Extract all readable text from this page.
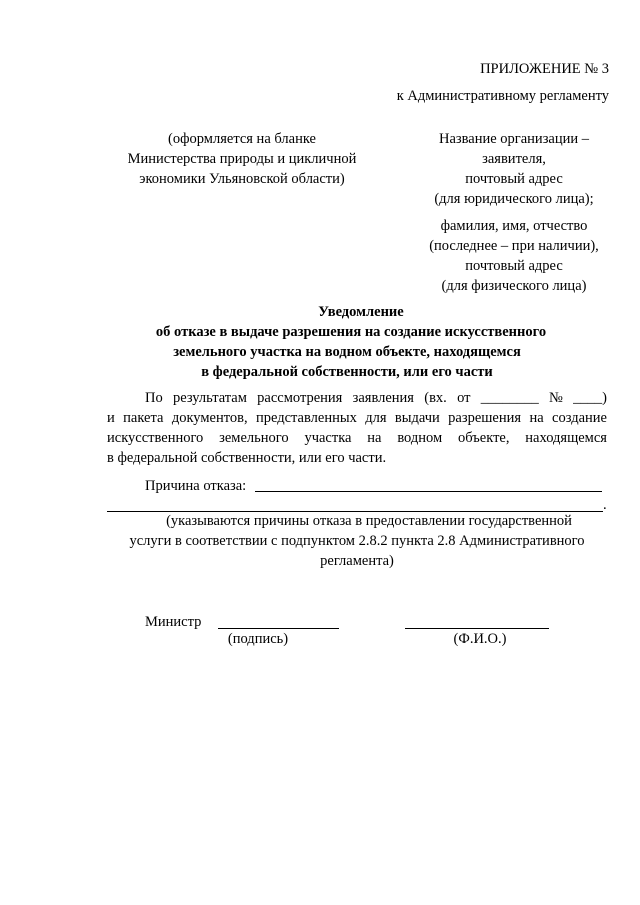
ПРИЛОЖЕНИЕ № 3
к Административному регламенту
(оформляется на бланке
Министерства природы и цикличной
экономики Ульяновской области)
Название организации –
заявителя,
почтовый адрес
(для юридического лица);
фамилия, имя, отчество
(последнее – при наличии),
почтовый адрес
(для физического лица)
Уведомление
об отказе в выдаче разрешения на создание искусственного
земельного участка на водном объекте, находящемся
в федеральной собственности, или его части
По результатам рассмотрения заявления (вх. от ________ № ____)
и пакета документов, представленных для выдачи разрешения на создание
искусственного земельного участка на водном объекте, находящемся
в федеральной собственности, или его части.
Причина отказа:
.
(указываются причины отказа в предоставлении государственной
услуги в соответствии с подпунктом 2.8.2 пункта 2.8 Административного
регламента)
Министр
(подпись)	(Ф.И.О.)
